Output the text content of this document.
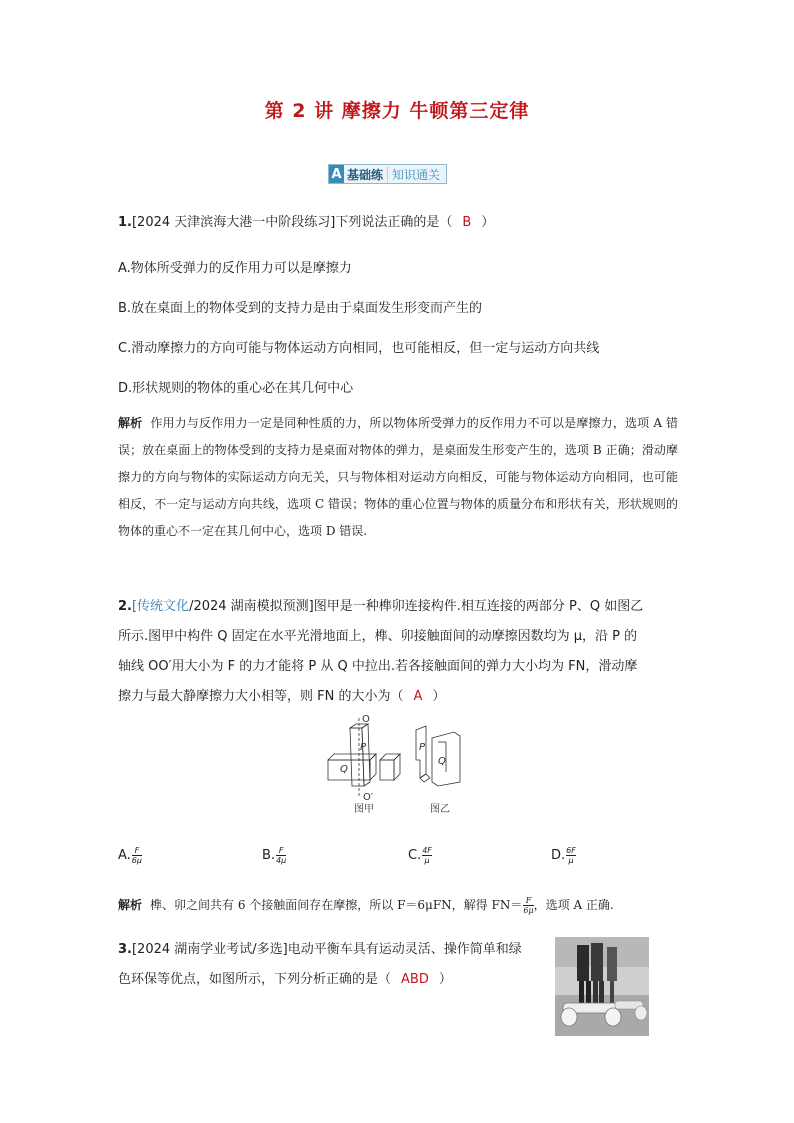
第 2 讲 摩擦力 牛顿第三定律
A 基础练 知识通关
1.[2024 天津滨海大港一中阶段练习]下列说法正确的是（ B ）
A.物体所受弹力的反作用力可以是摩擦力
B.放在桌面上的物体受到的支持力是由于桌面发生形变而产生的
C.滑动摩擦力的方向可能与物体运动方向相同，也可能相反，但一定与运动方向共线
D.形状规则的物体的重心必在其几何中心
解析 作用力与反作用力一定是同种性质的力，所以物体所受弹力的反作用力不可以是摩擦力，选项 A 错误；放在桌面上的物体受到的支持力是桌面对物体的弹力，是桌面发生形变产生的，选项 B 正确；滑动摩擦力的方向与物体的实际运动方向无关，只与物体相对运动方向相反，可能与物体运动方向相同，也可能相反，不一定与运动方向共线，选项 C 错误；物体的重心位置与物体的质量分布和形状有关，形状规则的物体的重心不一定在其几何中心，选项 D 错误.
2.[传统文化/2024 湖南模拟预测]图甲是一种榫卯连接构件.相互连接的两部分 P、Q 如图乙
所示.图甲中构件 Q 固定在水平光滑地面上，榫、卯接触面间的动摩擦因数均为 μ，沿 P 的
轴线 OO′用大小为 F 的力才能将 P 从 Q 中拉出.若各接触面间的弹力大小均为 FN，滑动摩
擦力与最大静摩擦力大小相等，则 FN 的大小为（ A ）
O
O′
P
Q
P
Q
图甲	图乙
A. $\frac{F}{6\mu}$	B. $\frac{F}{4\mu}$	C. $\frac{4F}{\mu}$	D. $\frac{6F}{\mu}$
解析 榫、卯之间共有 6 个接触面间存在摩擦，所以 F＝6μFN，解得 $FN= \frac{F}{6\mu}$ ，选项 A 正确.
3.[2024 湖南学业考试/多选]电动平衡车具有运动灵活、操作简单和绿
色环保等优点，如图所示，下列分析正确的是（ ABD ）
